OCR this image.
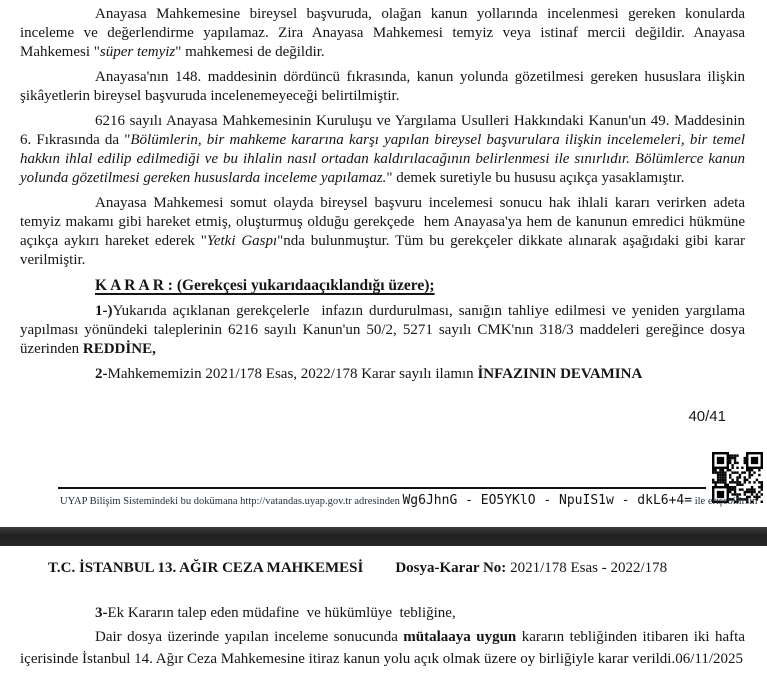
Anayasa Mahkemesine bireysel başvuruda, olağan kanun yollarında incelenmesi gereken konularda inceleme ve değerlendirme yapılamaz. Zira Anayasa Mahkemesi temyiz veya istinaf mercii değildir. Anayasa Mahkemesi "süper temyiz" mahkemesi de değildir.

Anayasa'nın 148. maddesinin dördüncü fıkrasında, kanun yolunda gözetilmesi gereken hususlara ilişkin şikâyetlerin bireysel başvuruda incelenemeyeceği belirtilmiştir.

6216 sayılı Anayasa Mahkemesinin Kuruluşu ve Yargılama Usulleri Hakkındaki Kanun'un 49. Maddesinin 6. Fıkrasında da "Bölümlerin, bir mahkeme kararına karşı yapılan bireysel başvurulara ilişkin incelemeleri, bir temel hakkın ihlal edilip edilmediği ve bu ihlalin nasıl ortadan kaldırılacağının belirlenmesi ile sınırlıdır. Bölümlerce kanun yolunda gözetilmesi gereken hususlarda inceleme yapılamaz." demek suretiyle bu hususu açıkça yasaklamıştır.

Anayasa Mahkemesi somut olayda bireysel başvuru incelemesi sonucu hak ihlali kararı verirken adeta temyiz makamı gibi hareket etmiş, oluşturmuş olduğu gerekçede  hem Anayasa'ya hem de kanunun emredici hükmüne açıkça aykırı hareket ederek "Yetki Gaspı"nda bulunmuştur. Tüm bu gerekçeler dikkate alınarak aşağıdaki gibi karar verilmiştir.

K A R A R : (Gerekçesi yukarıdaaçıklandığı üzere);

1-)Yukarıda açıklanan gerekçelerle  infazın durdurulması, sanığın tahliye edilmesi ve yeniden yargılama yapılması yönündeki taleplerinin 6216 sayılı Kanun'un 50/2, 5271 sayılı CMK'nın 318/3 maddeleri gereğince dosya üzerinden REDDİNE,

2-Mahkememizin 2021/178 Esas, 2022/178 Karar sayılı ilamın İNFAZININ DEVAMINA

40/41
UYAP Bilişim Sistemindeki bu dokümana http://vatandas.uyap.gov.tr adresinden Wg6JhnG - EO5YKlO - NpuIS1w - dkL6+4= ile erişebilirsin
T.C. İSTANBUL 13. AĞIR CEZA MAHKEMESİ Dosya-Karar No: 2021/178 Esas - 2022/178

3-Ek Kararın talep eden müdafine  ve hükümlüye  tebliğine,

Dair dosya üzerinde yapılan inceleme sonucunda mütalaaya uygun kararın tebliğinden itibaren iki hafta içerisinde İstanbul 14. Ağır Ceza Mahkemesine itiraz kanun yolu açık olmak üzere oy birliğiyle karar verildi.06/11/2025
